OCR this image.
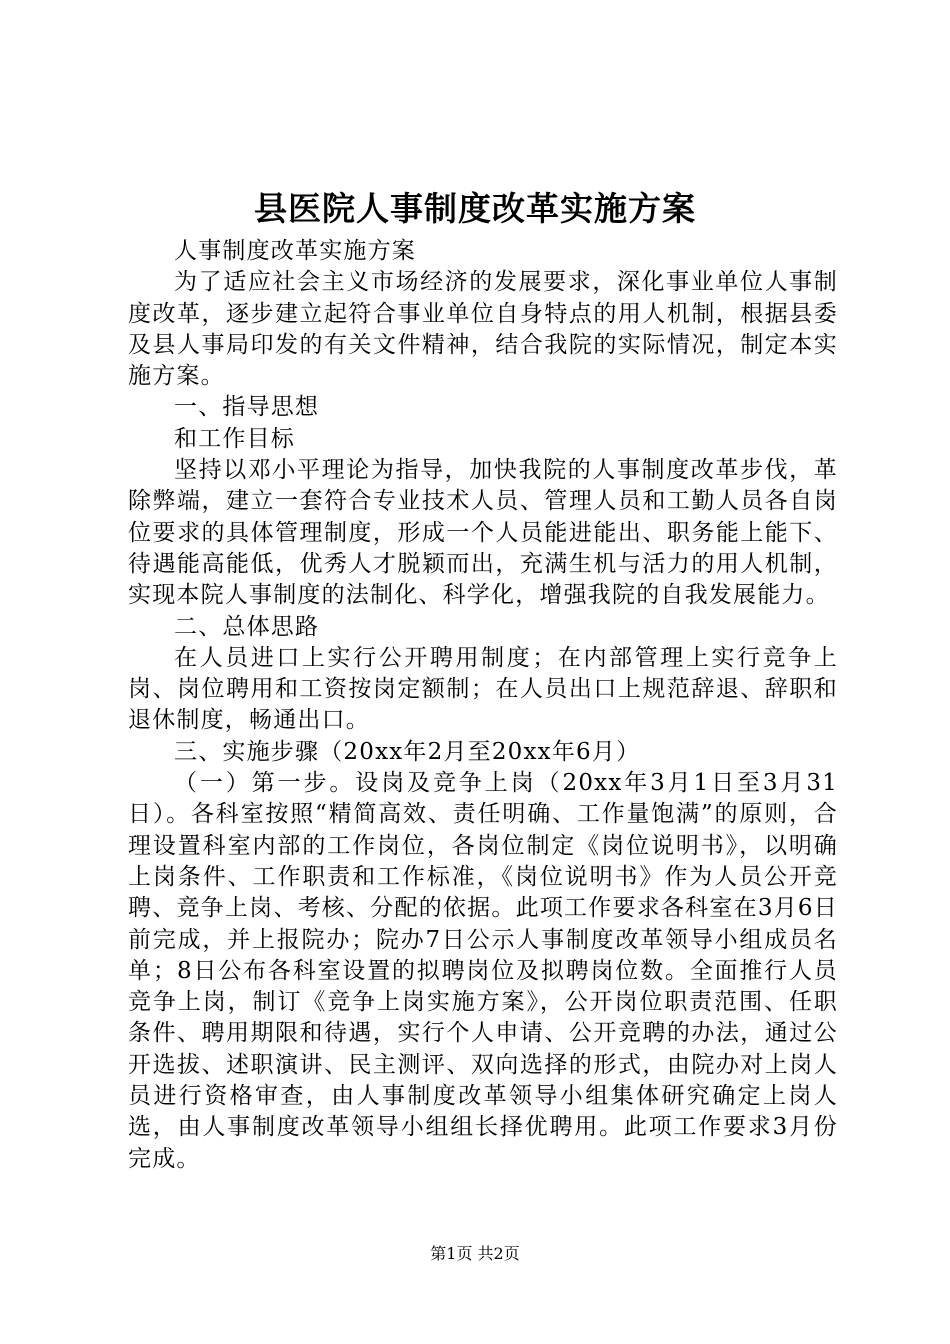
县医院人事制度改革实施方案

人事制度改革实施方案

为了适应社会主义市场经济的发展要求，深化事业单位人事制度改革，逐步建立起符合事业单位自身特点的用人机制，根据县委及县人事局印发的有关文件精神，结合我院的实际情况，制定本实施方案。

一、指导思想

和工作目标

坚持以邓小平理论为指导，加快我院的人事制度改革步伐，革除弊端，建立一套符合专业技术人员、管理人员和工勤人员各自岗位要求的具体管理制度，形成一个人员能进能出、职务能上能下、待遇能高能低，优秀人才脱颖而出，充满生机与活力的用人机制，实现本院人事制度的法制化、科学化，增强我院的自我发展能力。

二、总体思路

在人员进口上实行公开聘用制度；在内部管理上实行竞争上岗、岗位聘用和工资按岗定额制；在人员出口上规范辞退、辞职和退休制度，畅通出口。

三、实施步骤（20xx年2月至20xx年6月）

（一）第一步。设岗及竞争上岗（20xx年3月1日至3月31日）。各科室按照“精简高效、责任明确、工作量饱满”的原则，合理设置科室内部的工作岗位，各岗位制定《岗位说明书》，以明确上岗条件、工作职责和工作标准，《岗位说明书》作为人员公开竞聘、竞争上岗、考核、分配的依据。此项工作要求各科室在3月6日前完成，并上报院办；院办7日公示人事制度改革领导小组成员名单；8日公布各科室设置的拟聘岗位及拟聘岗位数。全面推行人员竞争上岗，制订《竞争上岗实施方案》，公开岗位职责范围、任职条件、聘用期限和待遇，实行个人申请、公开竞聘的办法，通过公开选拔、述职演讲、民主测评、双向选择的形式，由院办对上岗人员进行资格审查，由人事制度改革领导小组集体研究确定上岗人选，由人事制度改革领导小组组长择优聘用。此项工作要求3月份完成。

第1页 共2页
